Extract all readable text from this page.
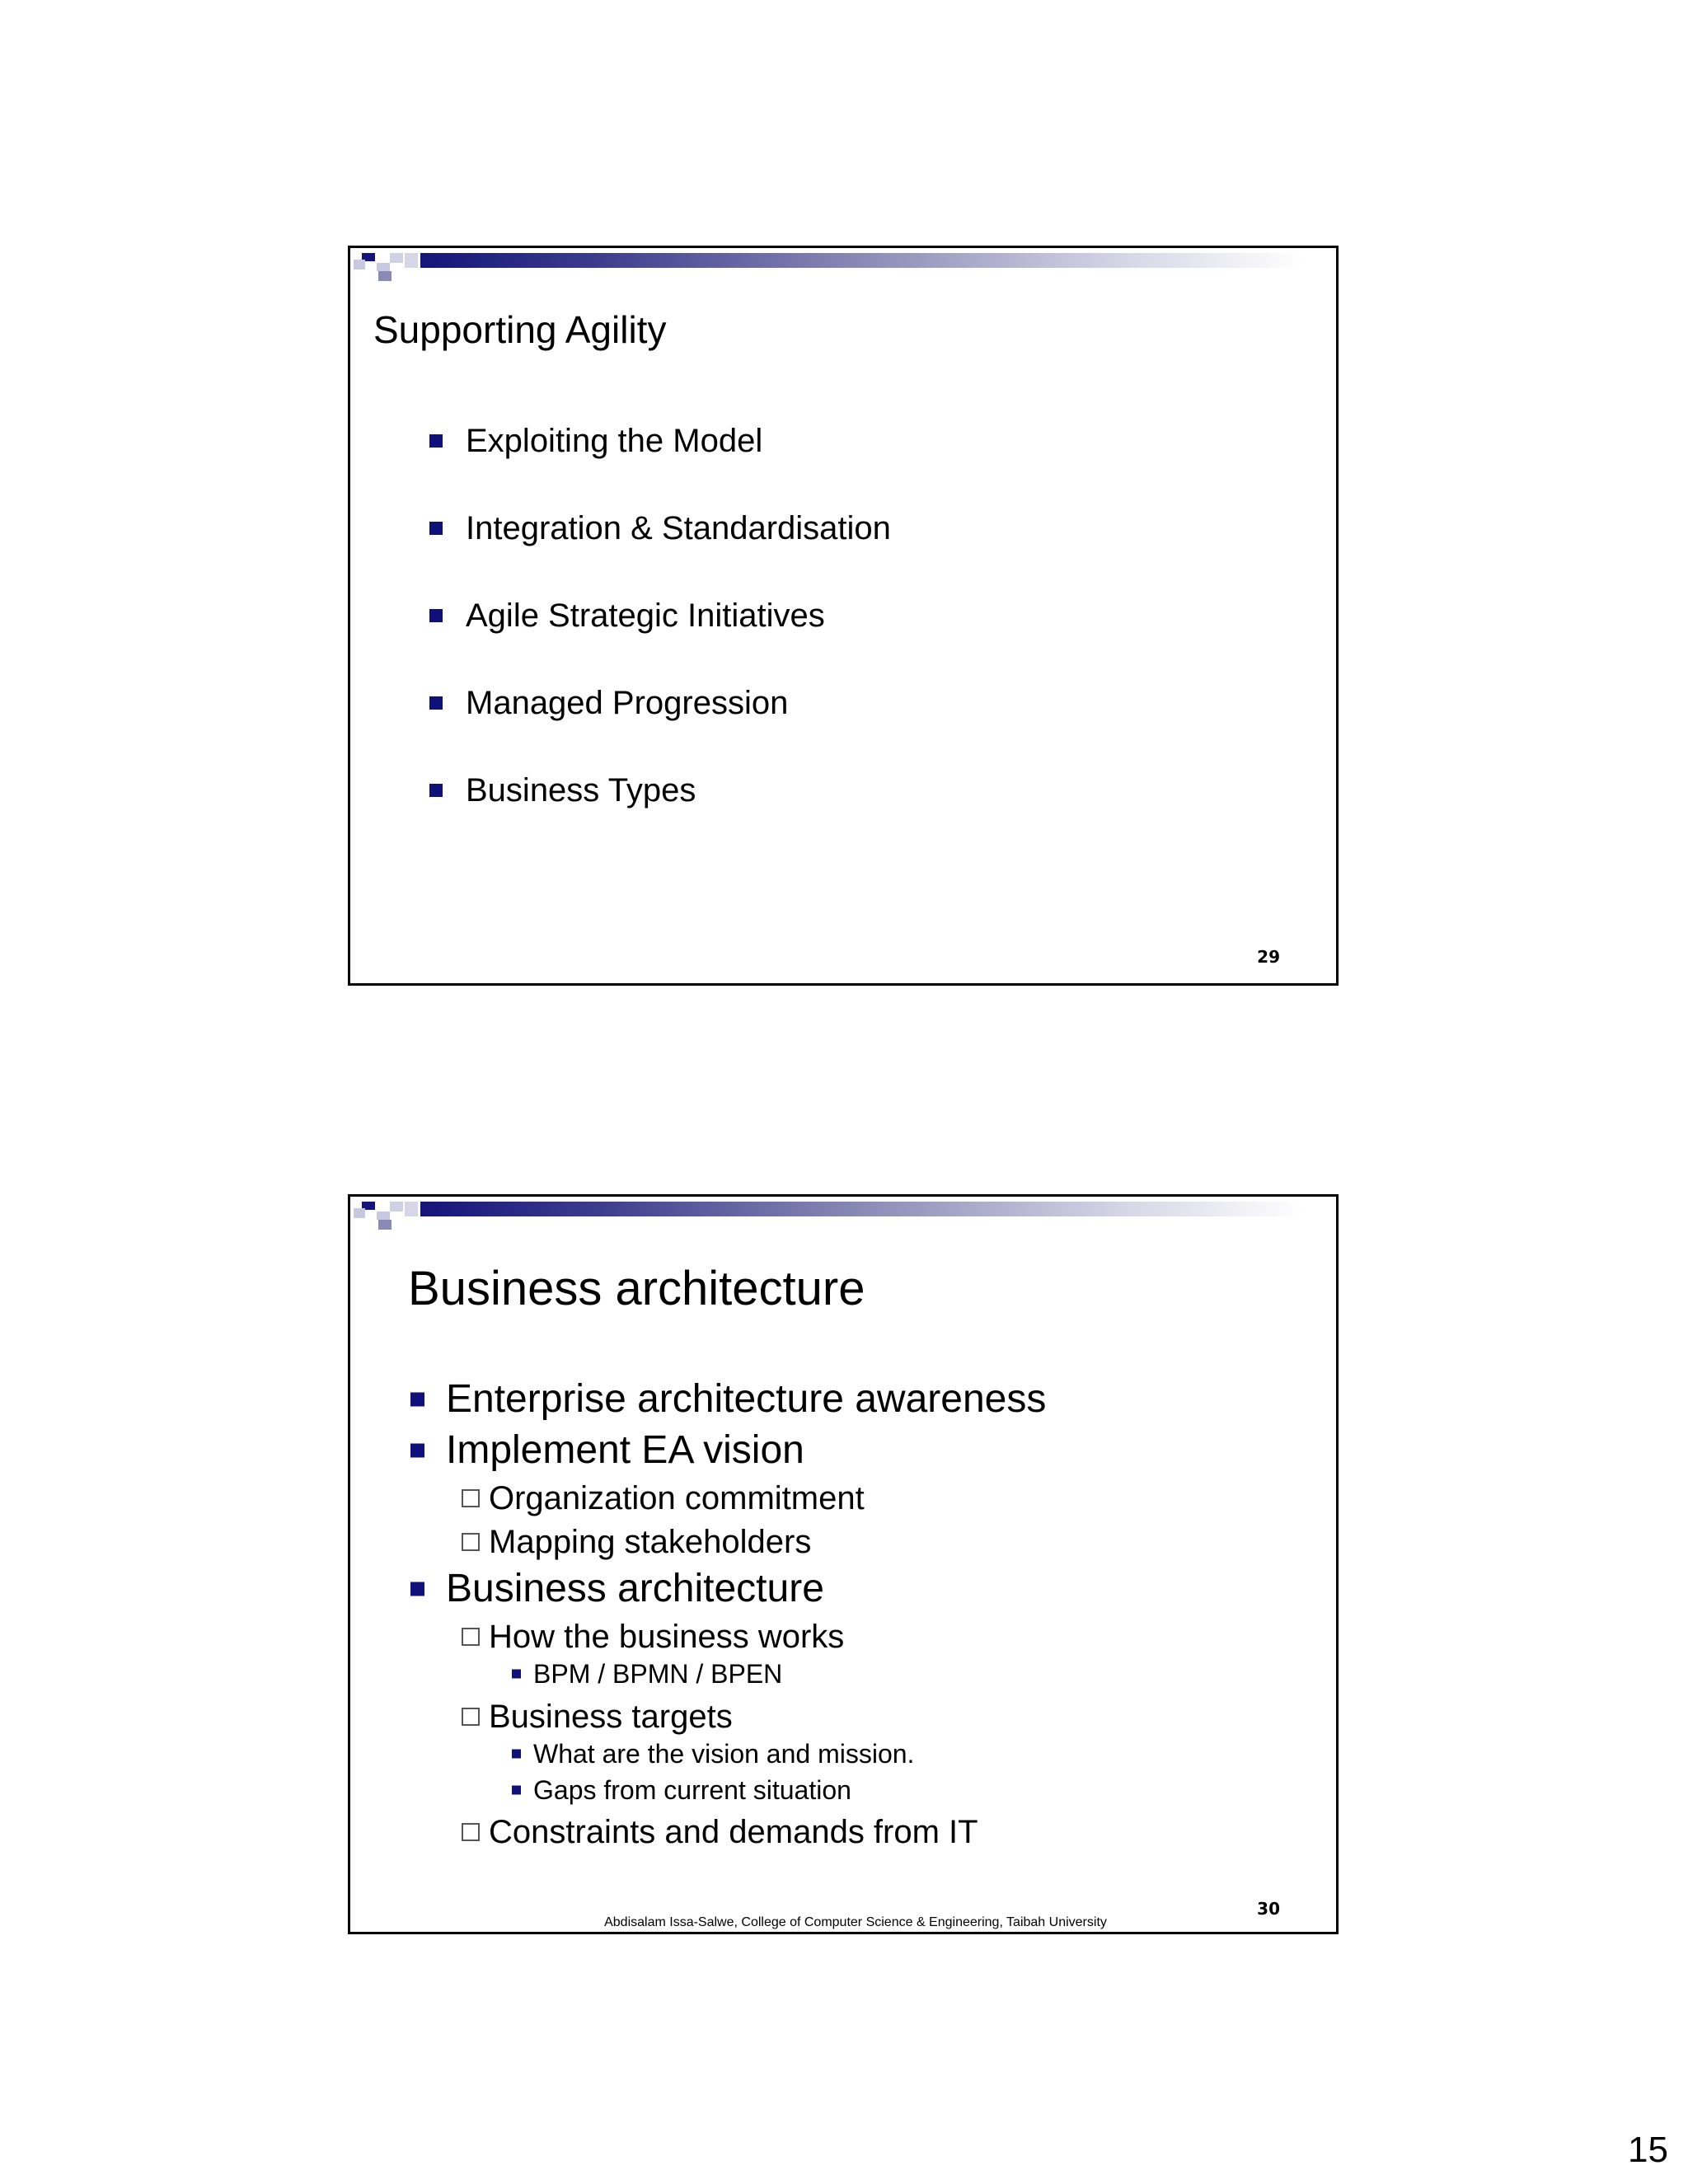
Supporting Agility
Exploiting the Model
Integration & Standardisation
Agile Strategic Initiatives
Managed Progression
Business Types
29
Business architecture
Enterprise architecture awareness
Implement EA vision
Organization commitment
Mapping stakeholders
Business architecture
How the business works
BPM / BPMN / BPEN
Business targets
What are the vision and mission.
Gaps from current situation
Constraints and demands from IT
30
Abdisalam Issa-Salwe, College of Computer Science & Engineering, Taibah University
15
